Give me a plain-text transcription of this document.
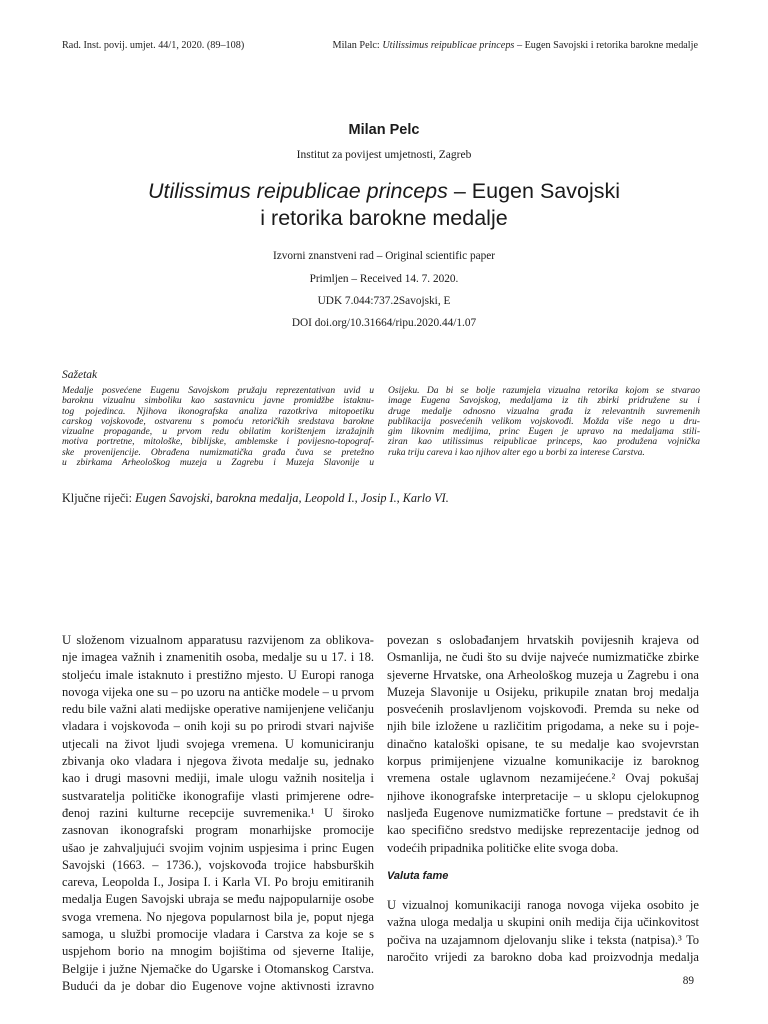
Rad. Inst. povij. umjet. 44/1, 2020. (89–108)	Milan Pelc: Utilissimus reipublicae princeps – Eugen Savojski i retorika barokne medalje
Milan Pelc
Institut za povijest umjetnosti, Zagreb
Utilissimus reipublicae princeps – Eugen Savojski
i retorika barokne medalje
Izvorni znanstveni rad – Original scientific paper
Primljen – Received 14. 7. 2020.
UDK 7.044:737.2Savojski, E
DOI doi.org/10.31664/ripu.2020.44/1.07
Sažetak
Medalje posvećene Eugenu Savojskom pružaju reprezentativan uvid u
baroknu vizualnu simboliku kao sastavnicu javne promidžbe istaknu-
tog pojedinca. Njihova ikonografska analiza razotkriva mitopoetiku
carskog vojskovođe, ostvarenu s pomoću retoričkih sredstava barokne
vizualne propagande, u prvom redu obilatim korištenjem izražajnih
motiva portretne, mitološke, biblijske, amblemske i povijesno-topograf-
ske provenijencije. Obrađena numizmatička građa čuva se pretežno
u zbirkama Arheološkog muzeja u Zagrebu i Muzeja Slavonije u
Osijeku. Da bi se bolje razumjela vizualna retorika kojom se stvarao
image Eugena Savojskog, medaljama iz tih zbirki pridružene su i
druge medalje odnosno vizualna građa iz relevantnih suvremenih
publikacija posvećenih velikom vojskovođi. Možda više nego u dru-
gim likovnim medijima, princ Eugen je upravo na medaljama stili-
ziran kao utilissimus reipublicae princeps, kao produžena vojnička
ruka triju careva i kao njihov alter ego u borbi za interese Carstva.
Ključne riječi: Eugen Savojski, barokna medalja, Leopold I., Josip I., Karlo VI.
U složenom vizualnom apparatusu razvijenom za oblikova-
nje imagea važnih i znamenitih osoba, medalje su u 17. i 18.
stoljeću imale istaknuto i prestižno mjesto. U Europi ranoga
novoga vijeka one su – po uzoru na antičke modele – u prvom
redu bile važni alati medijske operative namijenjene veličanju
vladara i vojskovođa – onih koji su po prirodi stvari najviše
utjecali na život ljudi svojega vremena. U komuniciranju
zbivanja oko vladara i njegova života medalje su, jednako
kao i drugi masovni mediji, imale ulogu važnih nositelja i
sustvaratelja političke ikonografije vlasti primjerene odre-
đenoj razini kulturne recepcije suvremenika.¹ U široko
zasnovan ikonografski program monarhijske promocije
ušao je zahvaljujući svojim vojnim uspjesima i princ Eugen
Savojski (1663. – 1736.), vojskovođa trojice habsburških
careva, Leopolda I., Josipa I. i Karla VI. Po broju emitiranih
medalja Eugen Savojski ubraja se među najpopularnije osobe
svoga vremena. No njegova popularnost bila je, poput njega
samoga, u službi promocije vladara i Carstva za koje se s
uspjehom borio na mnogim bojištima od sjeverne Italije,
Belgije i južne Njemačke do Ugarske i Otomanskog Carstva.
Budući da je dobar dio Eugenove vojne aktivnosti izravno
povezan s oslobađanjem hrvatskih povijesnih krajeva od
Osmanlija, ne čudi što su dvije najveće numizmatičke zbirke
sjeverne Hrvatske, ona Arheološkog muzeja u Zagrebu i ona
Muzeja Slavonije u Osijeku, prikupile znatan broj medalja
posvećenih proslavljenom vojskovođi. Premda su neke od
njih bile izložene u različitim prigodama, a neke su i poje-
dinačno kataloški opisane, te su medalje kao svojevrstan
korpus primijenjene vizualne komunikacije iz baroknog
vremena ostale uglavnom nezamijećene.² Ovaj pokušaj
njihove ikonografske interpretacije – u sklopu cjelokupnog
nasljeđa Eugenove numizmatičke fortune – predstavit će ih
kao specifično sredstvo medijske reprezentacije jednog od
vodećih pripadnika političke elite svoga doba.
Valuta fame
U vizualnoj komunikaciji ranoga novoga vijeka osobito je
važna uloga medalja u skupini onih medija čija učinkovitost
počiva na uzajamnom djelovanju slike i teksta (natpisa).³ To
naročito vrijedi za barokno doba kad proizvodnja medalja
89
